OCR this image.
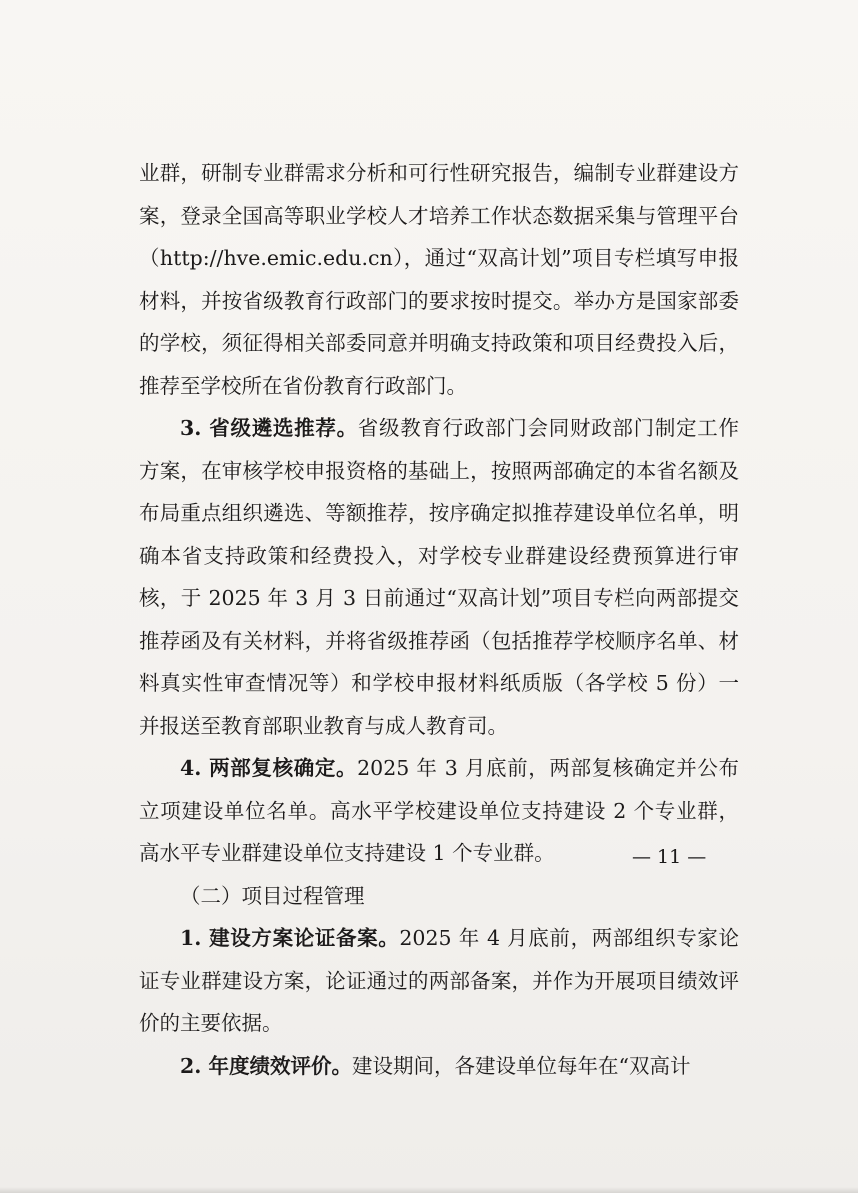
业群，研制专业群需求分析和可行性研究报告，编制专业群建设方案，登录全国高等职业学校人才培养工作状态数据采集与管理平台（http://hve.emic.edu.cn），通过“双高计划”项目专栏填写申报材料，并按省级教育行政部门的要求按时提交。举办方是国家部委的学校，须征得相关部委同意并明确支持政策和项目经费投入后，推荐至学校所在省份教育行政部门。

3. 省级遴选推荐。省级教育行政部门会同财政部门制定工作方案，在审核学校申报资格的基础上，按照两部确定的本省名额及布局重点组织遴选、等额推荐，按序确定拟推荐建设单位名单，明确本省支持政策和经费投入，对学校专业群建设经费预算进行审核，于 2025 年 3 月 3 日前通过“双高计划”项目专栏向两部提交推荐函及有关材料，并将省级推荐函（包括推荐学校顺序名单、材料真实性审查情况等）和学校申报材料纸质版（各学校 5 份）一并报送至教育部职业教育与成人教育司。

4. 两部复核确定。2025 年 3 月底前，两部复核确定并公布立项建设单位名单。高水平学校建设单位支持建设 2 个专业群，高水平专业群建设单位支持建设 1 个专业群。

（二）项目过程管理

1. 建设方案论证备案。2025 年 4 月底前，两部组织专家论证专业群建设方案，论证通过的两部备案，并作为开展项目绩效评价的主要依据。

2. 年度绩效评价。建设期间，各建设单位每年在“双高计

— 11 —
